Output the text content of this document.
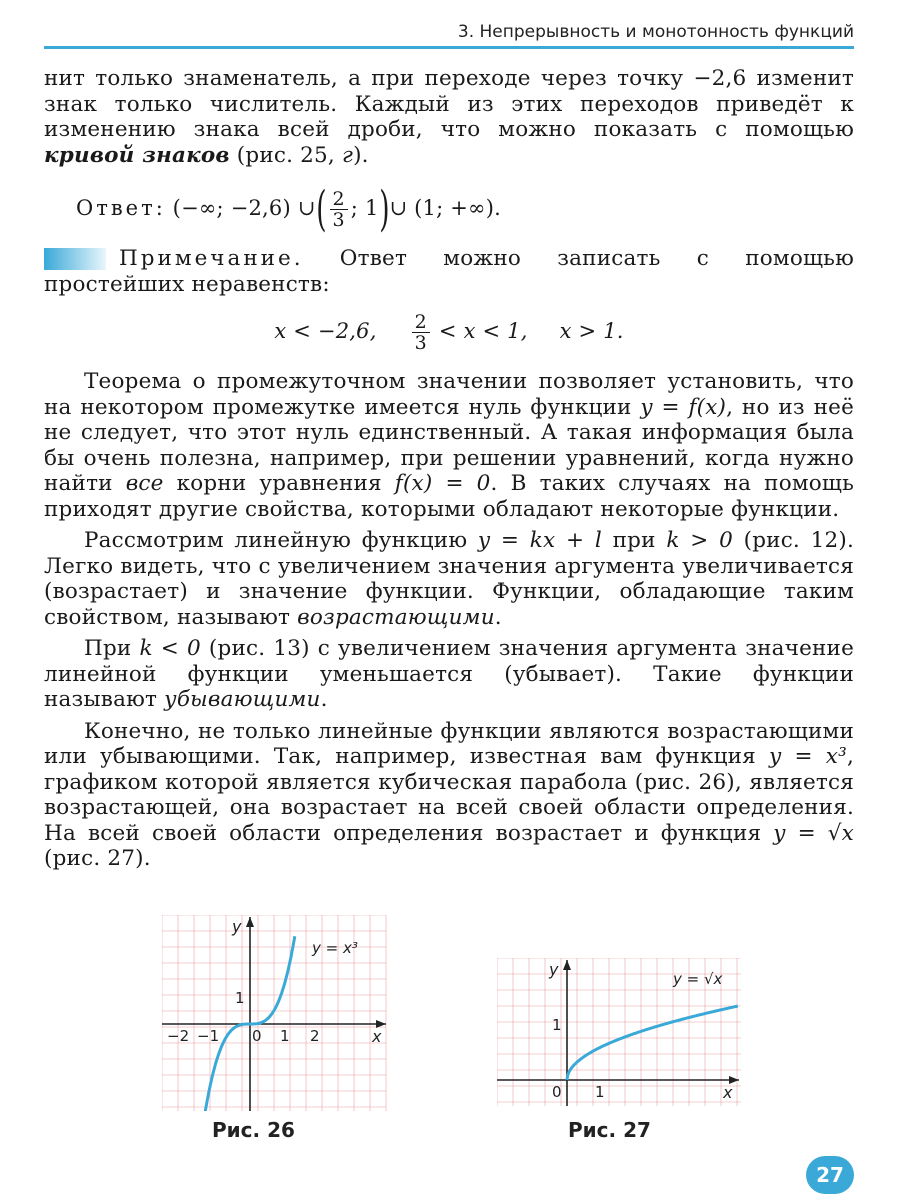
3. Непрерывность и монотонность функций

нит только знаменатель, а при переходе через точку −2,6 изменит знак только числитель. Каждый из этих переходов приведёт к изменению знака всей дроби, что можно показать с помощью кривой знаков (рис. 25, г).

Ответ:
(−∞; −2,6) ∪ ( $\frac{2}{3}$ ; 1 ) ∪ (1; +∞).

Примечание. Ответ можно записать с помощью простейших неравенств:

x < −2,6, $\frac{2}{3} < x < 1$, x > 1.

Теорема о промежуточном значении позволяет установить, что на некотором промежутке имеется нуль функции y = f(x), но из неё не следует, что этот нуль единственный. А такая информация была бы очень полезна, например, при решении уравнений, когда нужно найти все корни уравнения f(x) = 0. В таких случаях на помощь приходят другие свойства, которыми обладают некоторые функции.

Рассмотрим линейную функцию y = kx + l при k > 0 (рис. 12). Легко видеть, что с увеличением значения аргумента увеличивается (возрастает) и значение функции. Функции, обладающие таким свойством, называют возрастающими.

При k < 0 (рис. 13) с увеличением значения аргумента значение линейной функции уменьшается (убывает). Такие функции называют убывающими.

Конечно, не только линейные функции являются возрастающими или убывающими. Так, например, известная вам функция y = x³, графиком которой является кубическая парабола (рис. 26), является возрастающей, она возрастает на всей своей области определения. На всей своей области определения возрастает и функция y = √x (рис. 27).

y
x
y = x³
−2 −1 0 1 2
1
Рис. 26
y
x
y = √x
0 1
1
Рис. 27
27
